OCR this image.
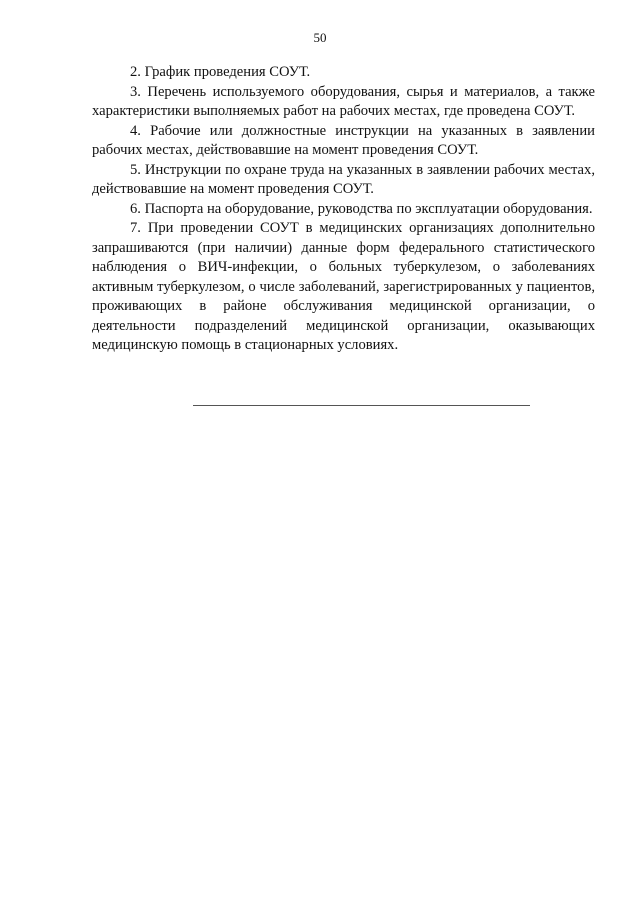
50

2. График проведения СОУТ.

3. Перечень используемого оборудования, сырья и материалов, а также характеристики выполняемых работ на рабочих местах, где проведена СОУТ.

4. Рабочие или должностные инструкции на указанных в заявлении рабочих местах, действовавшие на момент проведения СОУТ.

5. Инструкции по охране труда на указанных в заявлении рабочих местах, действовавшие на момент проведения СОУТ.

6. Паспорта на оборудование, руководства по эксплуатации оборудования.

7. При проведении СОУТ в медицинских организациях дополнительно запрашиваются (при наличии) данные форм федерального статистического наблюдения о ВИЧ-инфекции, о больных туберкулезом, о заболеваниях активным туберкулезом, о числе заболеваний, зарегистрированных у пациентов, проживающих в районе обслуживания медицинской организации, о деятельности подразделений медицинской организации, оказывающих медицинскую помощь в стационарных условиях.
